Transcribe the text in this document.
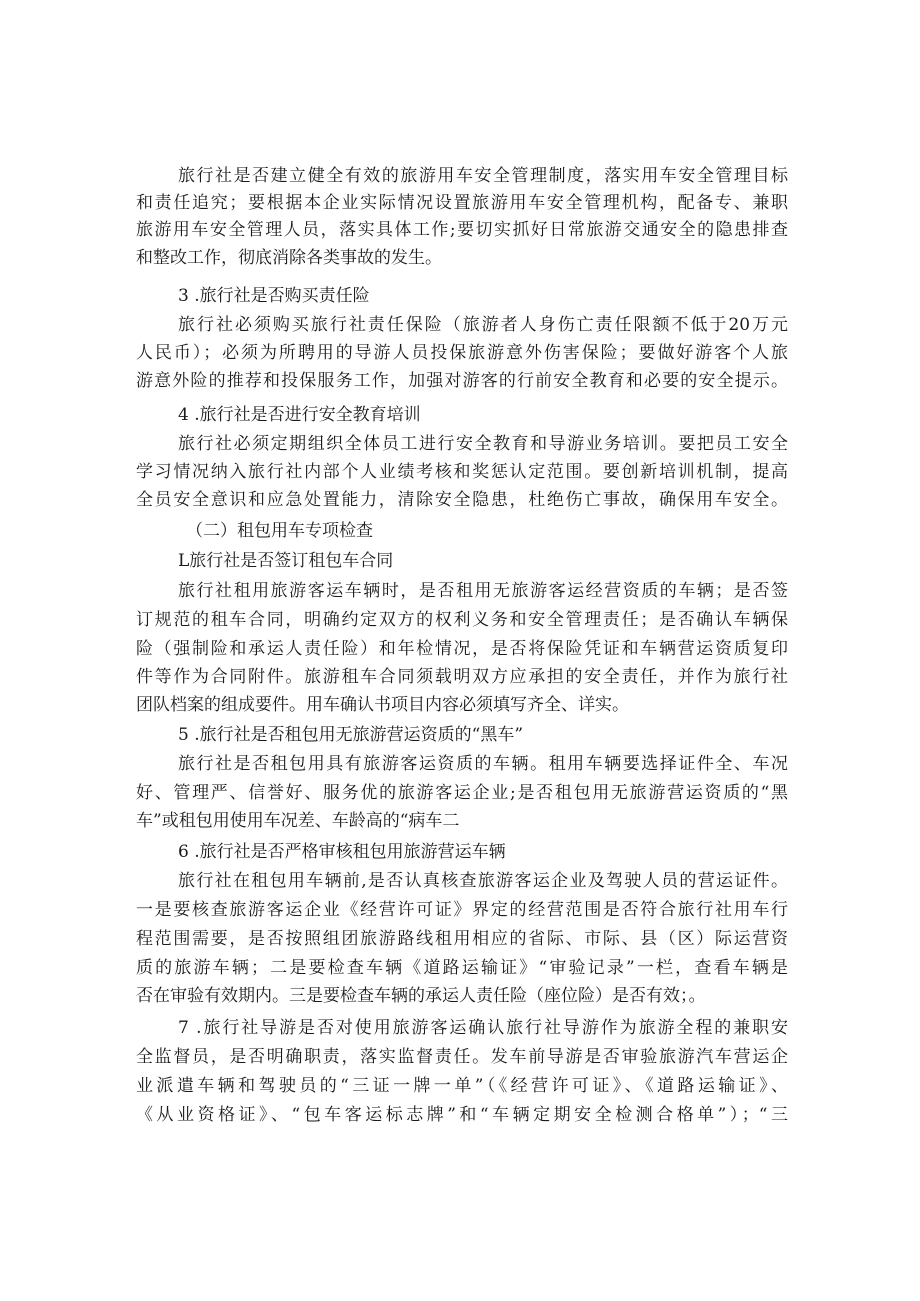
旅行社是否建立健全有效的旅游用车安全管理制度，落实用车安全管理目标
和责任追究；要根据本企业实际情况设置旅游用车安全管理机构，配备专、兼职
旅游用车安全管理人员，落实具体工作;要切实抓好日常旅游交通安全的隐患排查
和整改工作，彻底消除各类事故的发生。
3 .旅行社是否购买责任险
旅行社必须购买旅行社责任保险（旅游者人身伤亡责任限额不低于20万元
人民币）；必须为所聘用的导游人员投保旅游意外伤害保险；要做好游客个人旅
游意外险的推荐和投保服务工作，加强对游客的行前安全教育和必要的安全提示。
4 .旅行社是否进行安全教育培训
旅行社必须定期组织全体员工进行安全教育和导游业务培训。要把员工安全
学习情况纳入旅行社内部个人业绩考核和奖惩认定范围。要创新培训机制，提高
全员安全意识和应急处置能力，清除安全隐患，杜绝伤亡事故，确保用车安全。
（二）租包用车专项检查
L旅行社是否签订租包车合同
旅行社租用旅游客运车辆时，是否租用无旅游客运经营资质的车辆；是否签
订规范的租车合同，明确约定双方的权利义务和安全管理责任；是否确认车辆保
险（强制险和承运人责任险）和年检情况，是否将保险凭证和车辆营运资质复印
件等作为合同附件。旅游租车合同须载明双方应承担的安全责任，并作为旅行社
团队档案的组成要件。用车确认书项目内容必须填写齐全、详实。
5 .旅行社是否租包用无旅游营运资质的“黑车”
旅行社是否租包用具有旅游客运资质的车辆。租用车辆要选择证件全、车况
好、管理严、信誉好、服务优的旅游客运企业;是否租包用无旅游营运资质的“黑
车”或租包用使用车况差、车龄高的“病车二
6 .旅行社是否严格审核租包用旅游营运车辆
旅行社在租包用车辆前,是否认真核查旅游客运企业及驾驶人员的营运证件。
一是要核查旅游客运企业《经营许可证》界定的经营范围是否符合旅行社用车行
程范围需要，是否按照组团旅游路线租用相应的省际、市际、县（区）际运营资
质的旅游车辆；二是要检查车辆《道路运输证》“审验记录”一栏，查看车辆是
否在审验有效期内。三是要检查车辆的承运人责任险（座位险）是否有效；。
7 .旅行社导游是否对使用旅游客运确认旅行社导游作为旅游全程的兼职安
全监督员，是否明确职责，落实监督责任。发车前导游是否审验旅游汽车营运企
业派遣车辆和驾驶员的“三证一牌一单”（《经营许可证》、《道路运输证》、
《从业资格证》、“包车客运标志牌”和“车辆定期安全检测合格单”）；“三
